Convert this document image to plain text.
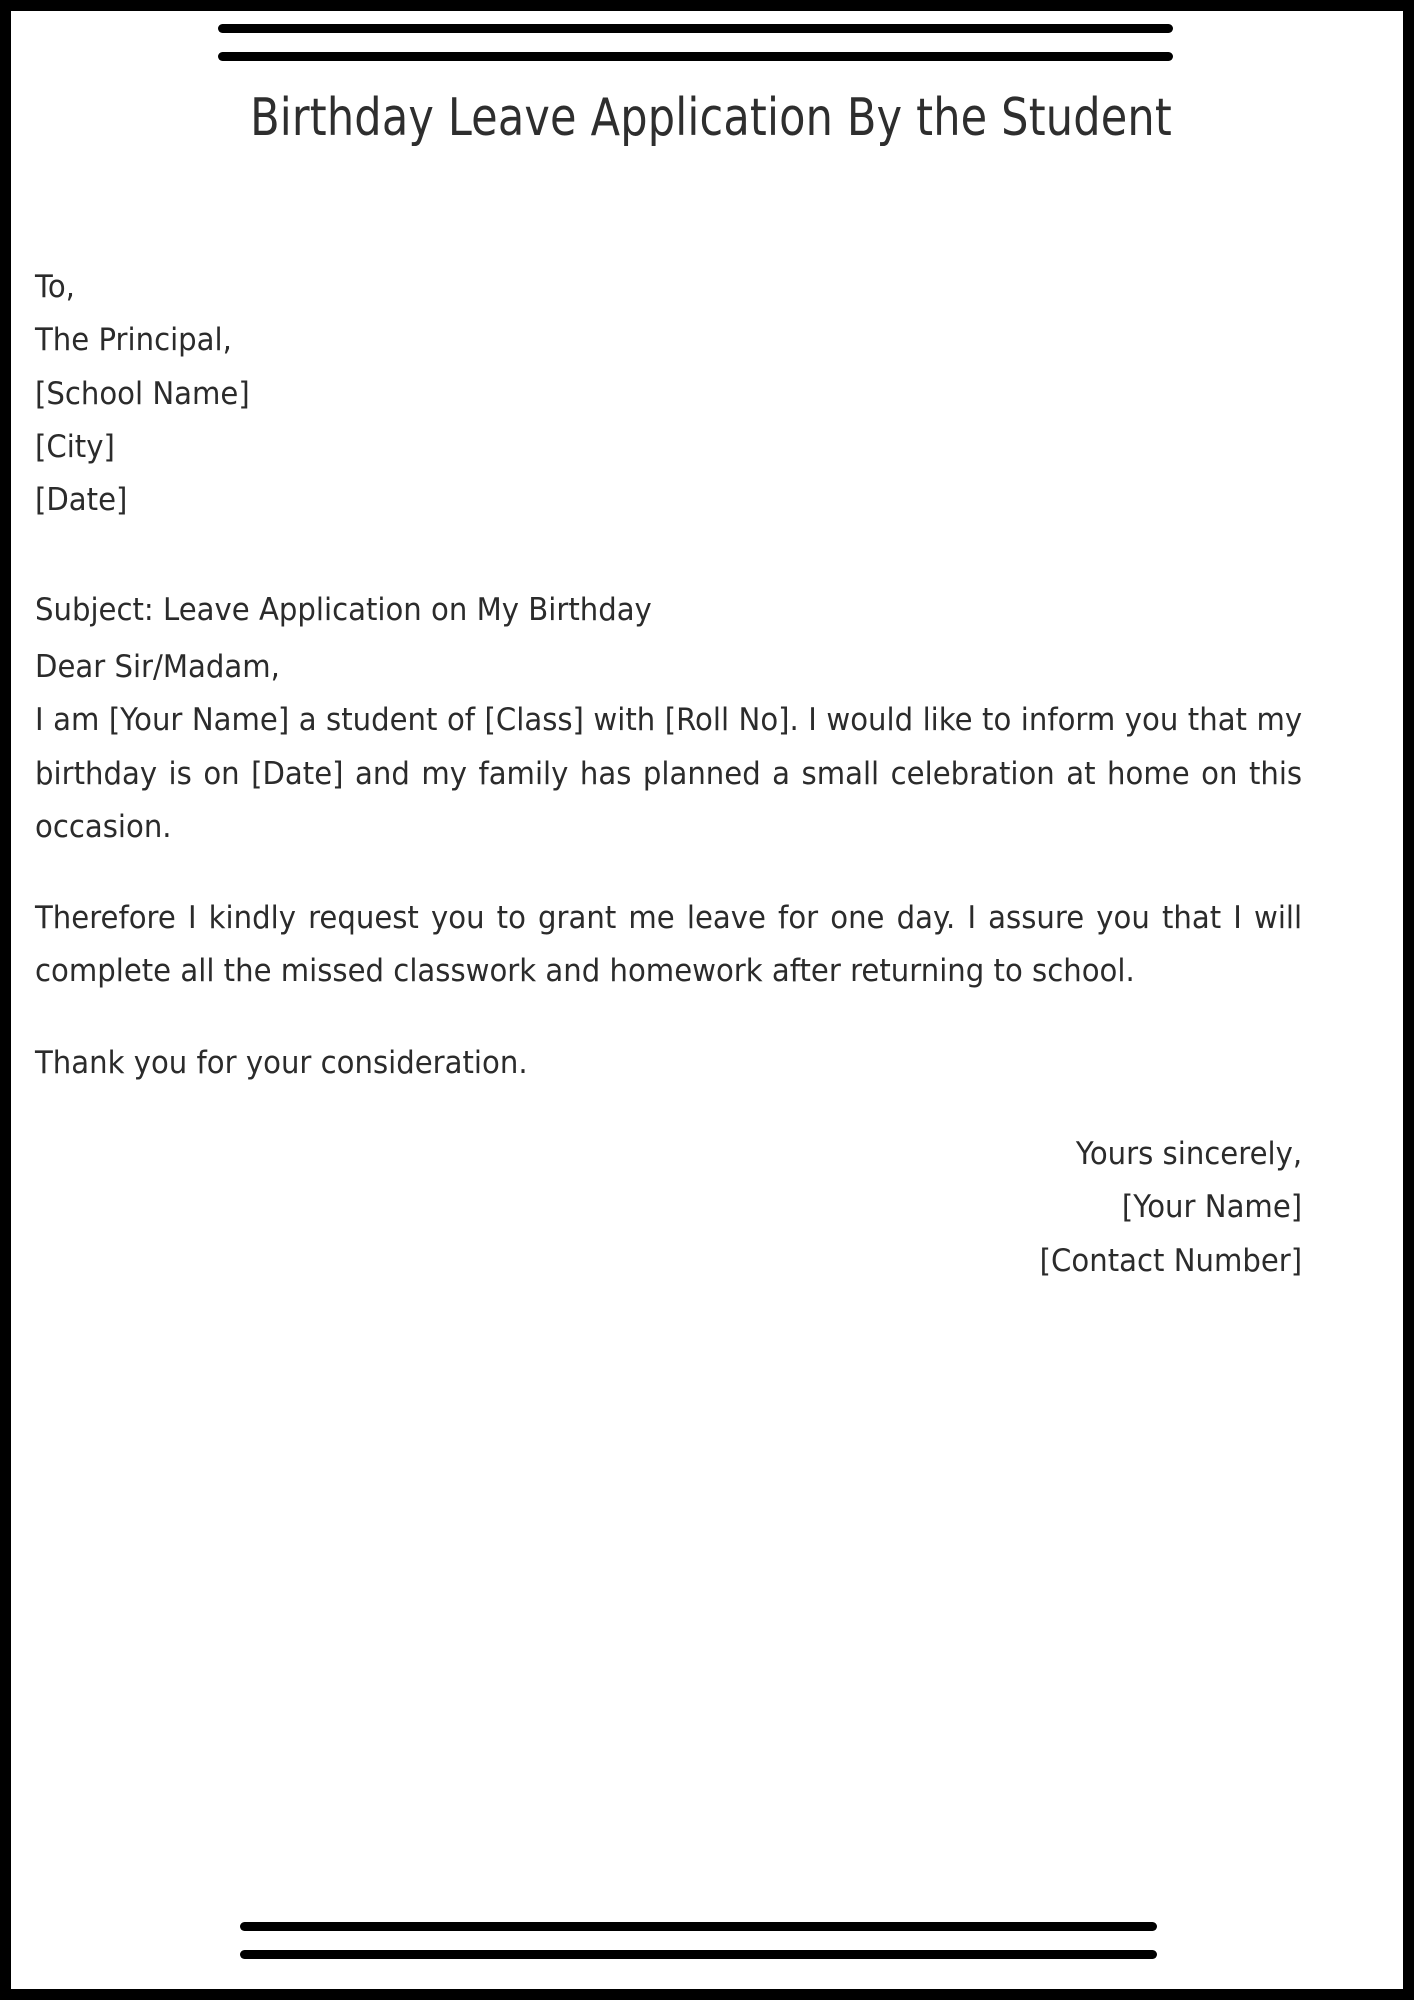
Birthday Leave Application By the Student
To,
The Principal,
[School Name]
[City]
[Date]
Subject: Leave Application on My Birthday
Dear Sir/Madam,

I am [Your Name] a student of [Class] with [Roll No]. I would like to inform you that my birthday is on [Date] and my family has planned a small celebration at home on this occasion.

Therefore I kindly request you to grant me leave for one day. I assure you that I will complete all the missed classwork and homework after returning to school.

Thank you for your consideration.

Yours sincerely,
[Your Name]
[Contact Number]
